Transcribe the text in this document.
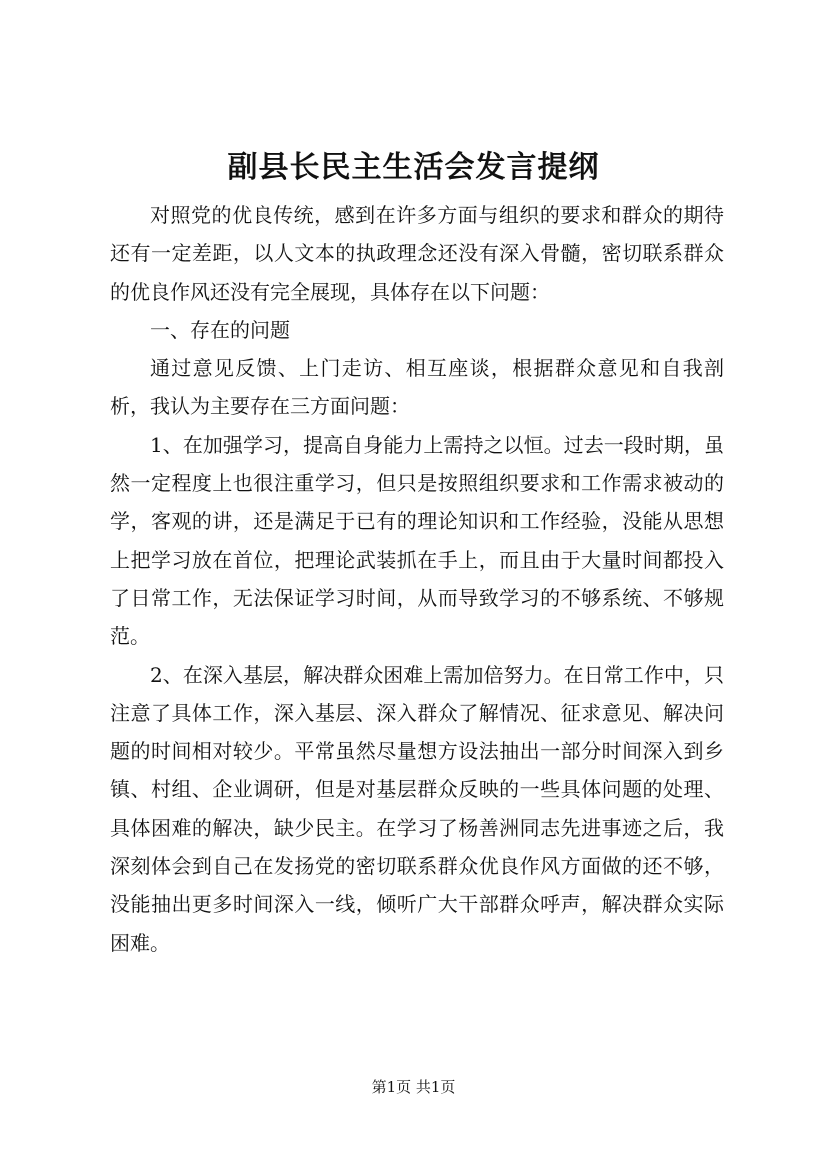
副县长民主生活会发言提纲

对照党的优良传统，感到在许多方面与组织的要求和群众的期待还有一定差距，以人文本的执政理念还没有深入骨髓，密切联系群众的优良作风还没有完全展现，具体存在以下问题：

一、存在的问题

通过意见反馈、上门走访、相互座谈，根据群众意见和自我剖析，我认为主要存在三方面问题：

1、在加强学习，提高自身能力上需持之以恒。过去一段时期，虽然一定程度上也很注重学习，但只是按照组织要求和工作需求被动的学，客观的讲，还是满足于已有的理论知识和工作经验，没能从思想上把学习放在首位，把理论武装抓在手上，而且由于大量时间都投入了日常工作，无法保证学习时间，从而导致学习的不够系统、不够规范。

2、在深入基层，解决群众困难上需加倍努力。在日常工作中，只注意了具体工作，深入基层、深入群众了解情况、征求意见、解决问题的时间相对较少。平常虽然尽量想方设法抽出一部分时间深入到乡镇、村组、企业调研，但是对基层群众反映的一些具体问题的处理、具体困难的解决，缺少民主。在学习了杨善洲同志先进事迹之后，我深刻体会到自己在发扬党的密切联系群众优良作风方面做的还不够，没能抽出更多时间深入一线，倾听广大干部群众呼声，解决群众实际困难。

第1页 共1页
